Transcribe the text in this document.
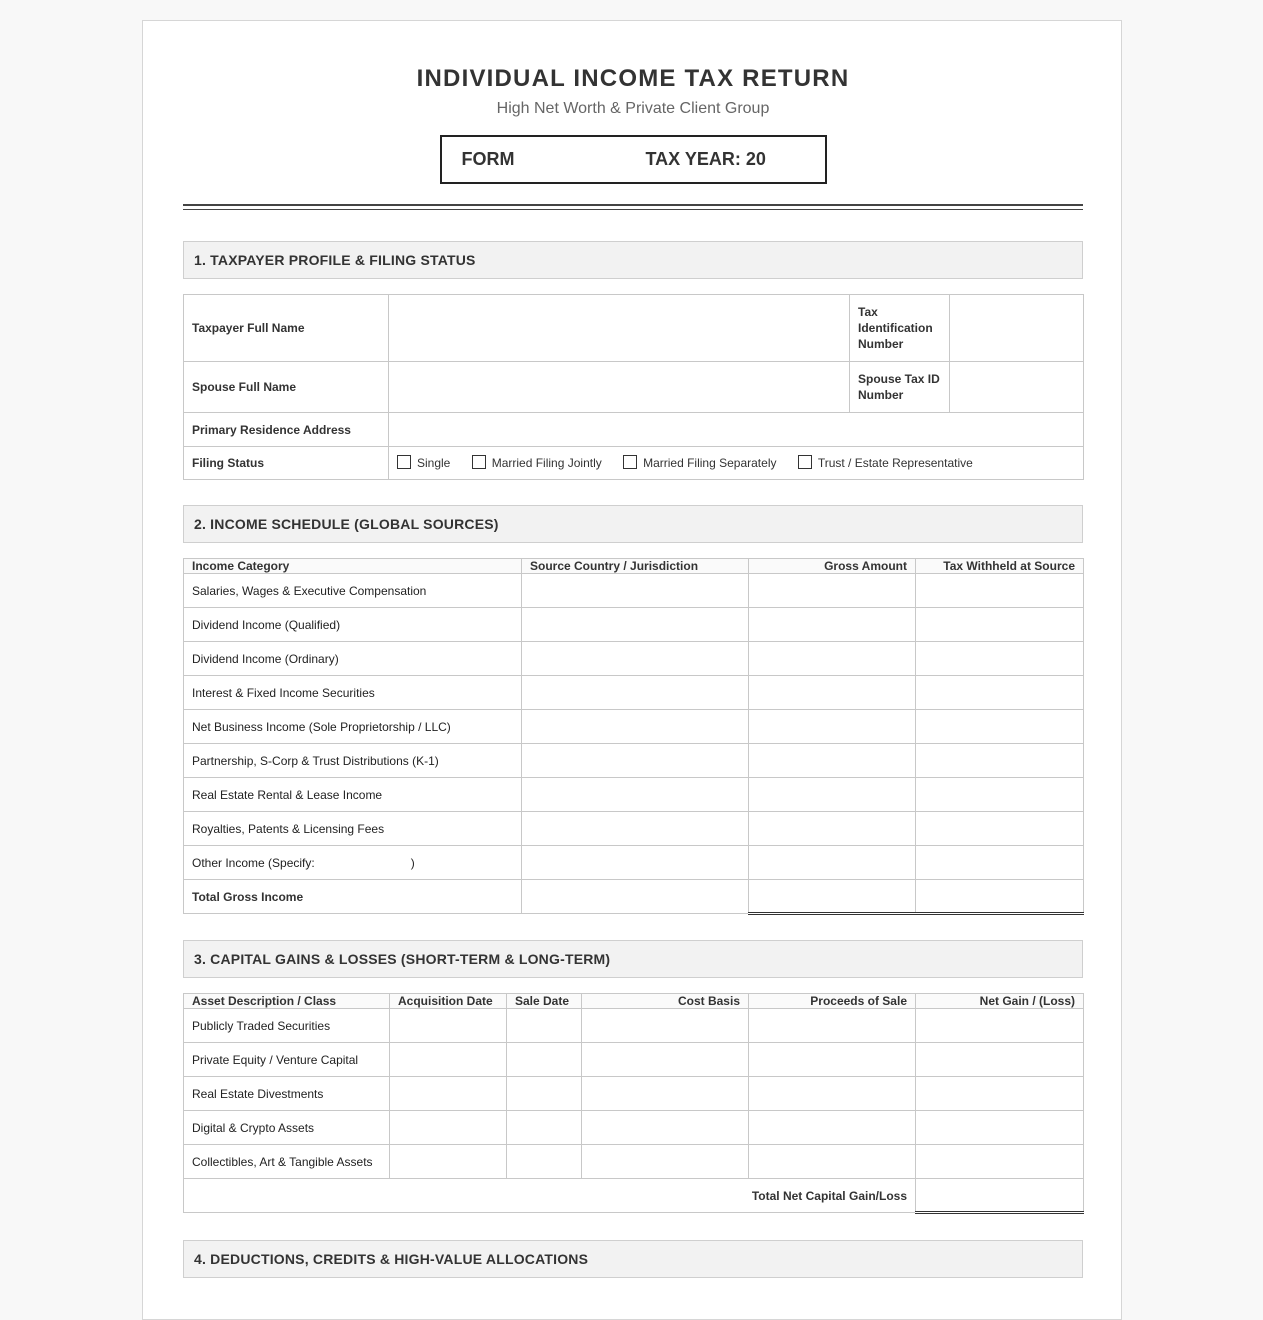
INDIVIDUAL INCOME TAX RETURN
High Net Worth & Private Client Group
FORM	TAX YEAR: 20
1. TAXPAYER PROFILE & FILING STATUS
Taxpayer Full Name		Tax Identification Number	
Spouse Full Name		Spouse Tax ID Number	
Primary Residence Address			
Filing Status	Single Married Filing Jointly Married Filing Separately Trust / Estate Representative		
2. INCOME SCHEDULE (GLOBAL SOURCES)
Income Category	Source Country / Jurisdiction	Gross Amount	Tax Withheld at Source
Salaries, Wages & Executive Compensation			
Dividend Income (Qualified)			
Dividend Income (Ordinary)			
Interest & Fixed Income Securities			
Net Business Income (Sole Proprietorship / LLC)			
Partnership, S-Corp & Trust Distributions (K-1)			
Real Estate Rental & Lease Income			
Royalties, Patents & Licensing Fees			
Other Income (Specify: )			
Total Gross Income			
3. CAPITAL GAINS & LOSSES (SHORT-TERM & LONG-TERM)
Asset Description / Class	Acquisition Date	Sale Date	Cost Basis	Proceeds of Sale	Net Gain / (Loss)
Publicly Traded Securities					
Private Equity / Venture Capital					
Real Estate Divestments					
Digital & Crypto Assets					
Collectibles, Art & Tangible Assets					
Total Net Capital Gain/Loss					
4. DEDUCTIONS, CREDITS & HIGH-VALUE ALLOCATIONS
